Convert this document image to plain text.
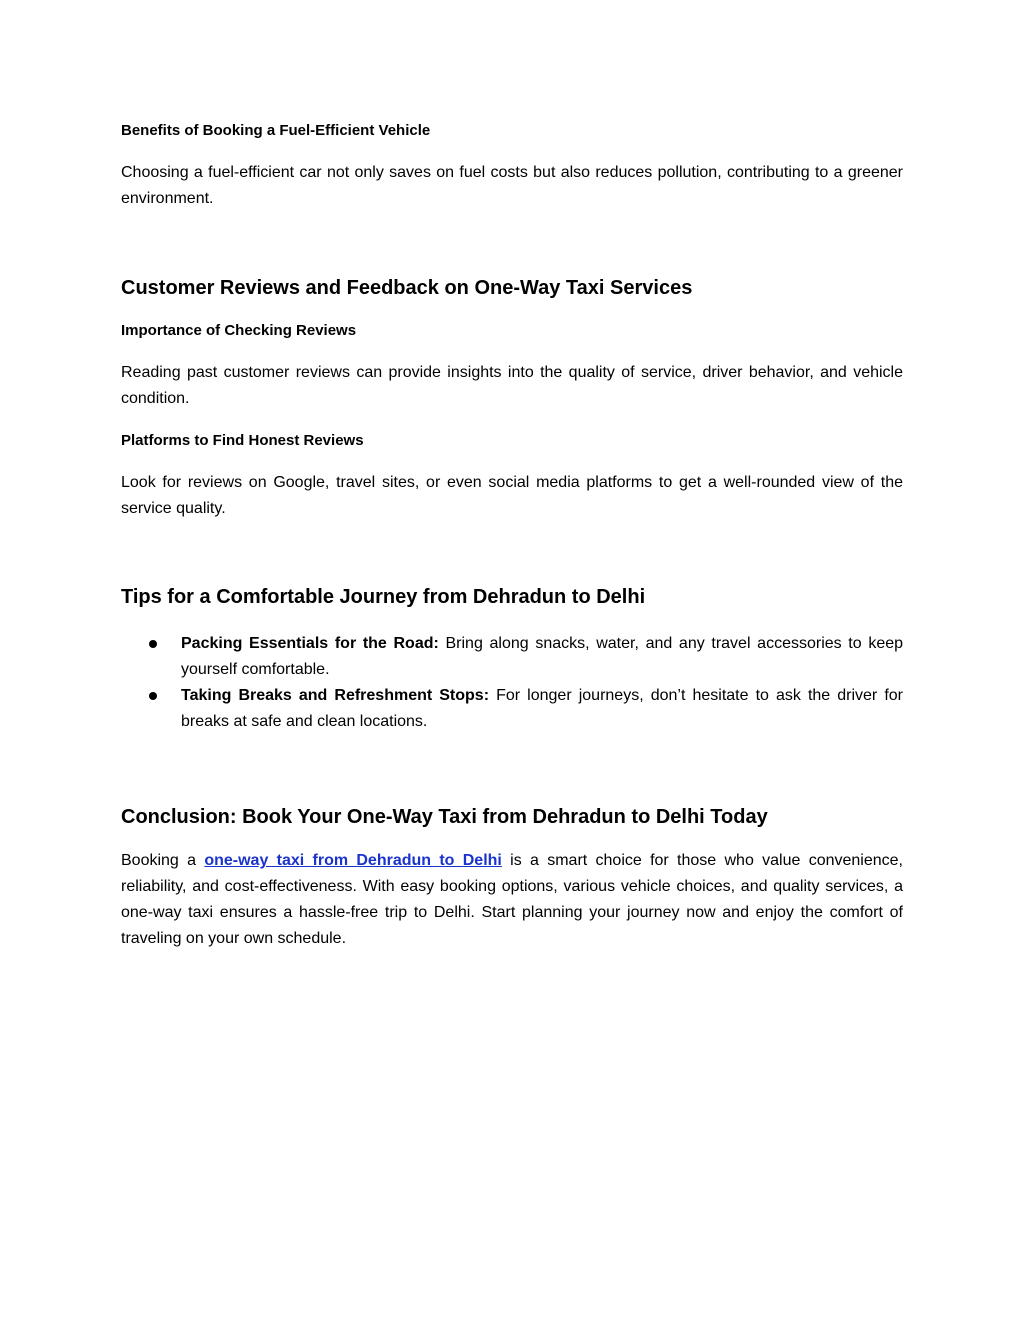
Benefits of Booking a Fuel-Efficient Vehicle

Choosing a fuel-efficient car not only saves on fuel costs but also reduces pollution, contributing to a greener environment.

Customer Reviews and Feedback on One-Way Taxi Services

Importance of Checking Reviews

Reading past customer reviews can provide insights into the quality of service, driver behavior, and vehicle condition.

Platforms to Find Honest Reviews

Look for reviews on Google, travel sites, or even social media platforms to get a well-rounded view of the service quality.

Tips for a Comfortable Journey from Dehradun to Delhi
Packing Essentials for the Road: Bring along snacks, water, and any travel accessories to keep yourself comfortable.
Taking Breaks and Refreshment Stops: For longer journeys, don’t hesitate to ask the driver for breaks at safe and clean locations.
Conclusion: Book Your One-Way Taxi from Dehradun to Delhi Today

Booking a one-way taxi from Dehradun to Delhi is a smart choice for those who value convenience, reliability, and cost-effectiveness. With easy booking options, various vehicle choices, and quality services, a one-way taxi ensures a hassle-free trip to Delhi. Start planning your journey now and enjoy the comfort of traveling on your own schedule.
